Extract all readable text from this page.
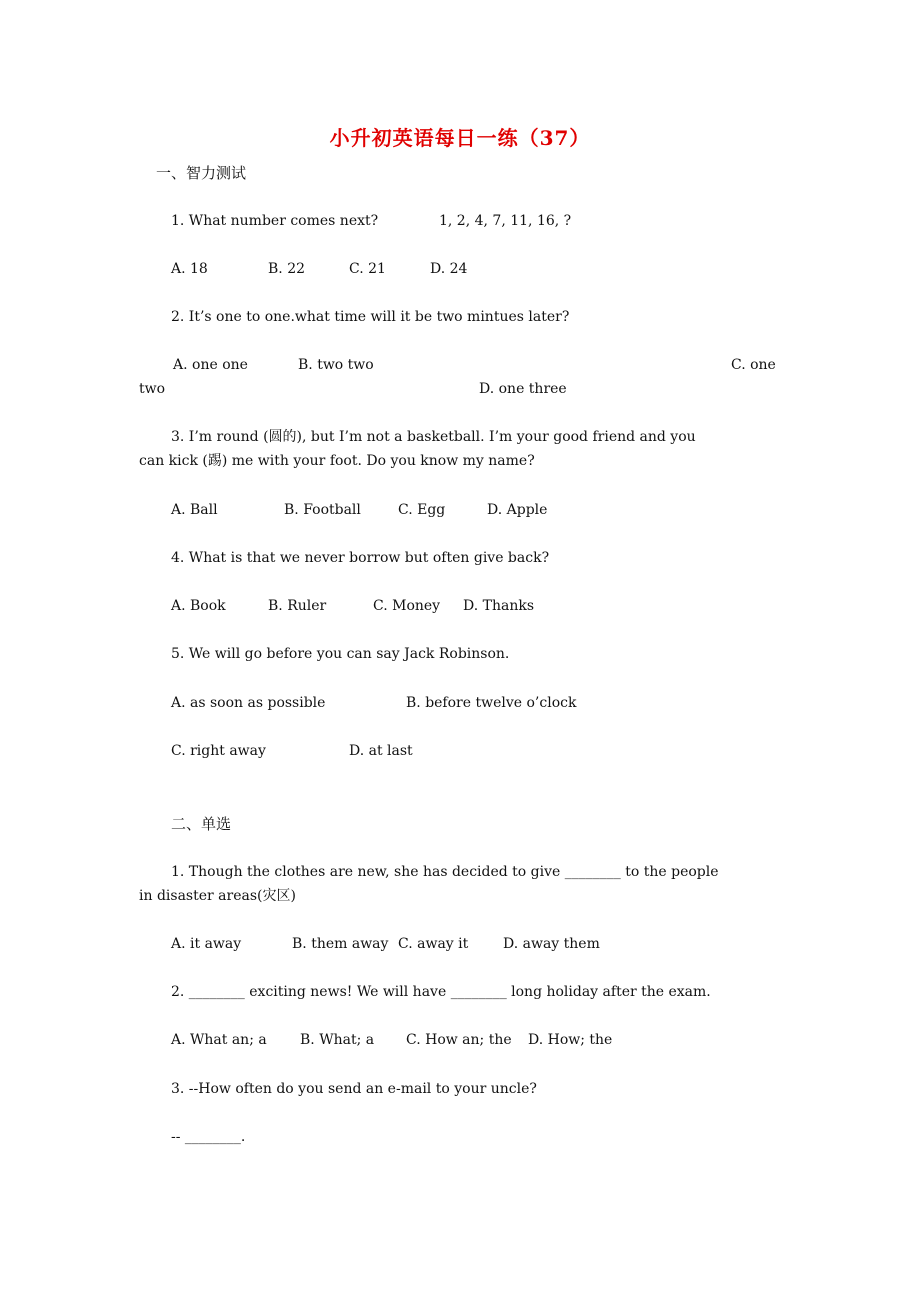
小升初英语每日一练（37）
一、智力测试
1. What number comes next?	1, 2, 4, 7, 11, 16, ?
A. 18	B. 22	C. 21	D. 24
2. It’s one to one.what time will it be two mintues later?
A. one one	B. two two	C. one
two	D. one three
3. I’m round (圆的), but I’m not a basketball. I’m your good friend and you
can kick (踢) me with your foot. Do you know my name?
A. Ball	B. Football	C. Egg	D. Apple
4. What is that we never borrow but often give back?
A. Book	B. Ruler	C. Money D. Thanks
5. We will go before you can say Jack Robinson.
A. as soon as possible	B. before twelve o’clock
C. right away	D. at last
二、单选
1. Though the clothes are new, she has decided to give ________ to the people
in disaster areas(灾区)
A. it away	B. them away C. away it D. away them
2. ________ exciting news! We will have ________ long holiday after the exam.
A. What an; a B. What; a C. How an; the D. How; the
3. --How often do you send an e-mail to your uncle?
-- ________.
